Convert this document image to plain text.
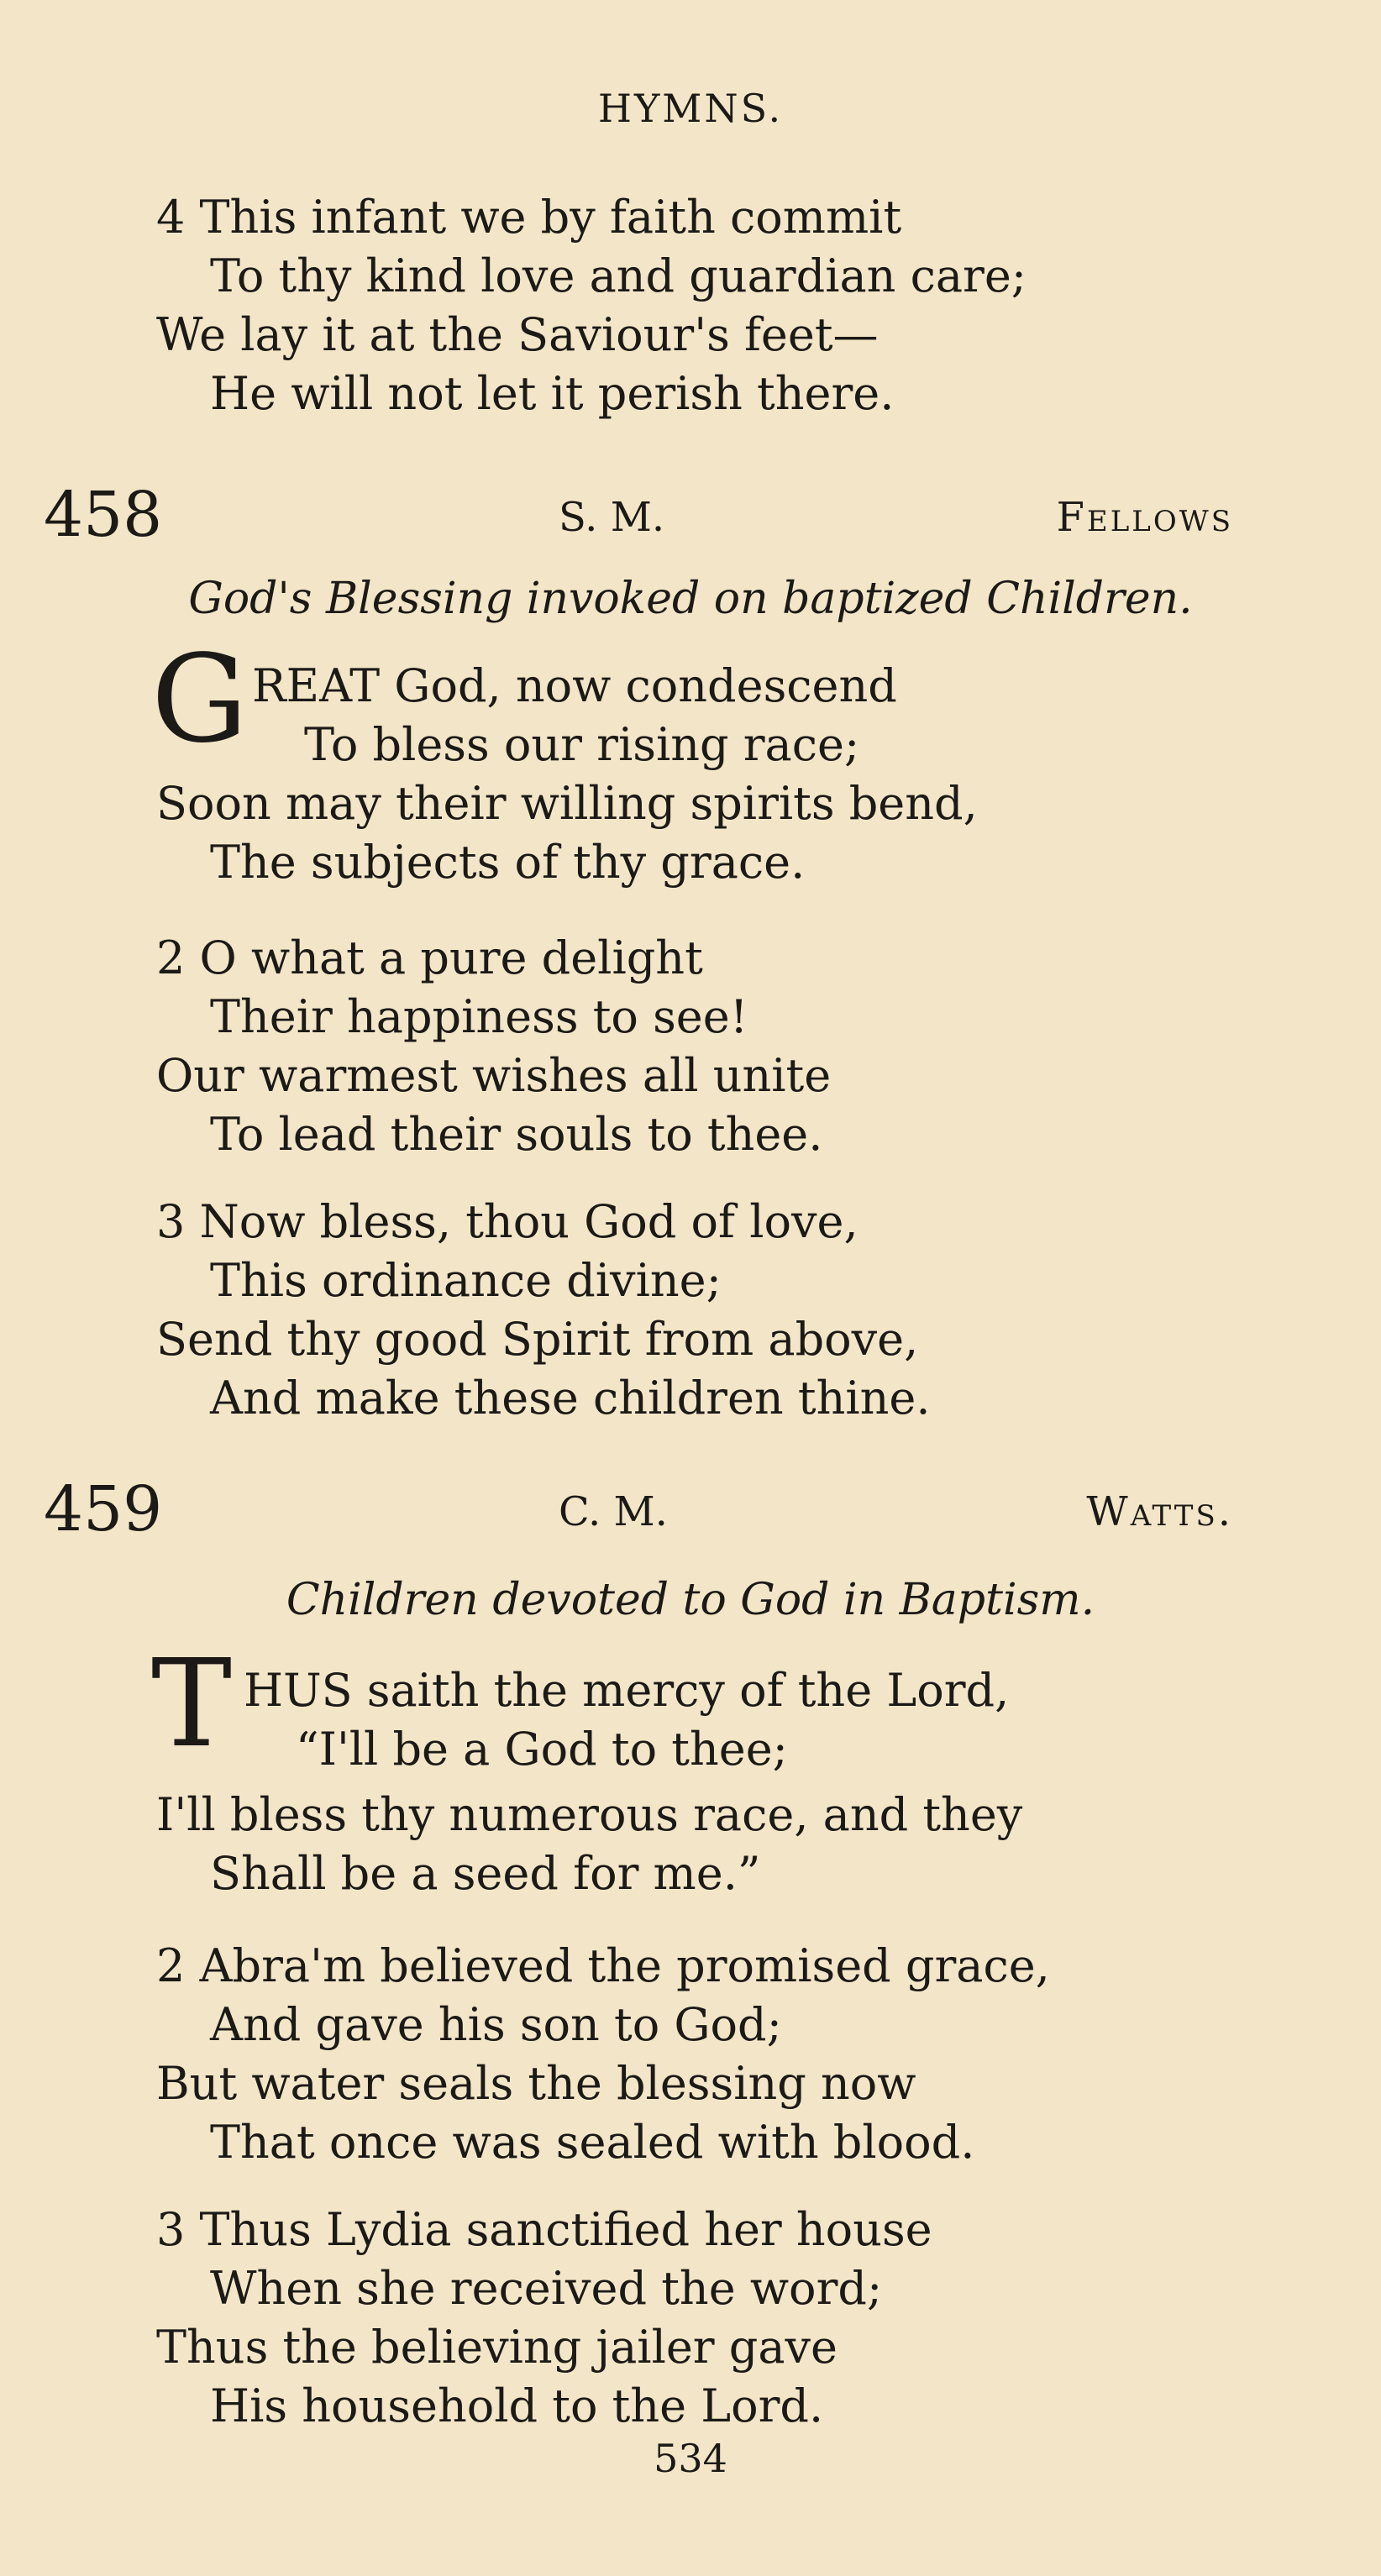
HYMNS.
4 This infant we by faith commit
To thy kind love and guardian care;
We lay it at the Saviour's feet—
He will not let it perish there.
458	S. M.	Fellows
God's Blessing invoked on baptized Children.
G REAT God, now condescend
To bless our rising race;
Soon may their willing spirits bend,
The subjects of thy grace.
2 O what a pure delight
Their happiness to see!
Our warmest wishes all unite
To lead their souls to thee.
3 Now bless, thou God of love,
This ordinance divine;
Send thy good Spirit from above,
And make these children thine.
459	C. M.	Watts.
Children devoted to God in Baptism.
T HUS saith the mercy of the Lord,
“I'll be a God to thee;
I'll bless thy numerous race, and they
Shall be a seed for me.”
2 Abra'm believed the promised grace,
And gave his son to God;
But water seals the blessing now
That once was sealed with blood.
3 Thus Lydia sanctified her house
When she received the word;
Thus the believing jailer gave
His household to the Lord.
534
